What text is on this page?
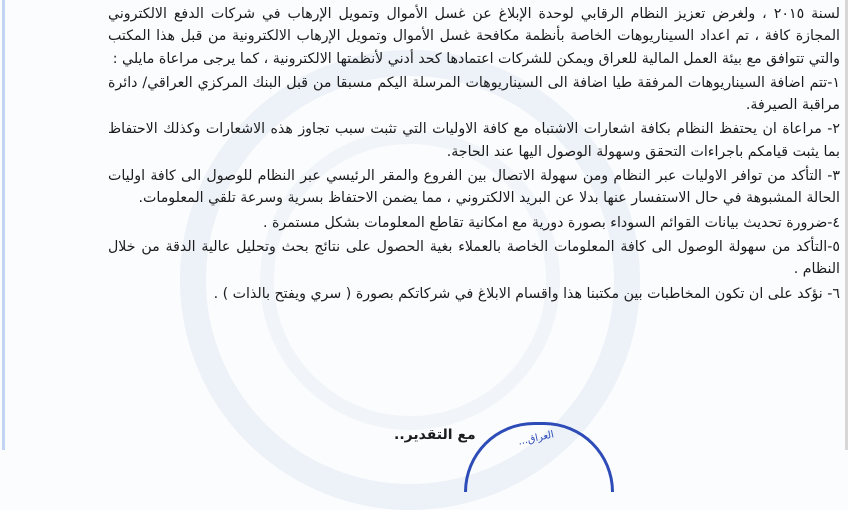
لسنة ٢٠١٥ ، ولغرض تعزيز النظام الرقابي لوحدة الإبلاغ عن غسل الأموال وتمويل الإرهاب في شركات الدفع الالكتروني المجازة كافة ، تم اعداد السيناريوهات الخاصة بأنظمة مكافحة غسل الأموال وتمويل الإرهاب الالكترونية من قبل هذا المكتب والتي تتوافق مع بيئة العمل المالية للعراق ويمكن للشركات اعتمادها كحد أدني لأنظمتها الالكترونية ، كما يرجى مراعاة مايلي :

١-تتم اضافة السيناريوهات المرفقة طيا اضافة الى السيناريوهات المرسلة اليكم مسبقا من قبل البنك المركزي العراقي/ دائرة مراقبة الصيرفة.

٢- مراعاة ان يحتفظ النظام بكافة اشعارات الاشتباه مع كافة الاوليات التي تثبت سبب تجاوز هذه الاشعارات وكذلك الاحتفاظ بما يثبت قيامكم باجراءات التحقق وسهولة الوصول اليها عند الحاجة.

٣- التأكد من توافر الاوليات عبر النظام ومن سهولة الاتصال بين الفروع والمقر الرئيسي عبر النظام للوصول الى كافة اوليات الحالة المشبوهة في حال الاستفسار عنها بدلا عن البريد الالكتروني ، مما يضمن الاحتفاظ بسرية وسرعة تلقي المعلومات.

٤-ضرورة تحديث بيانات القوائم السوداء بصورة دورية مع امكانية تقاطع المعلومات بشكل مستمرة .

٥-التأكد من سهولة الوصول الى كافة المعلومات الخاصة بالعملاء بغية الحصول على نتائج بحث وتحليل عالية الدقة من خلال النظام .

٦- نؤكد على ان تكون المخاطبات بين مكتبنا هذا واقسام الابلاغ في شركاتكم بصورة ( سري ويفتح بالذات ) .

مع التقدير..	...العراق
